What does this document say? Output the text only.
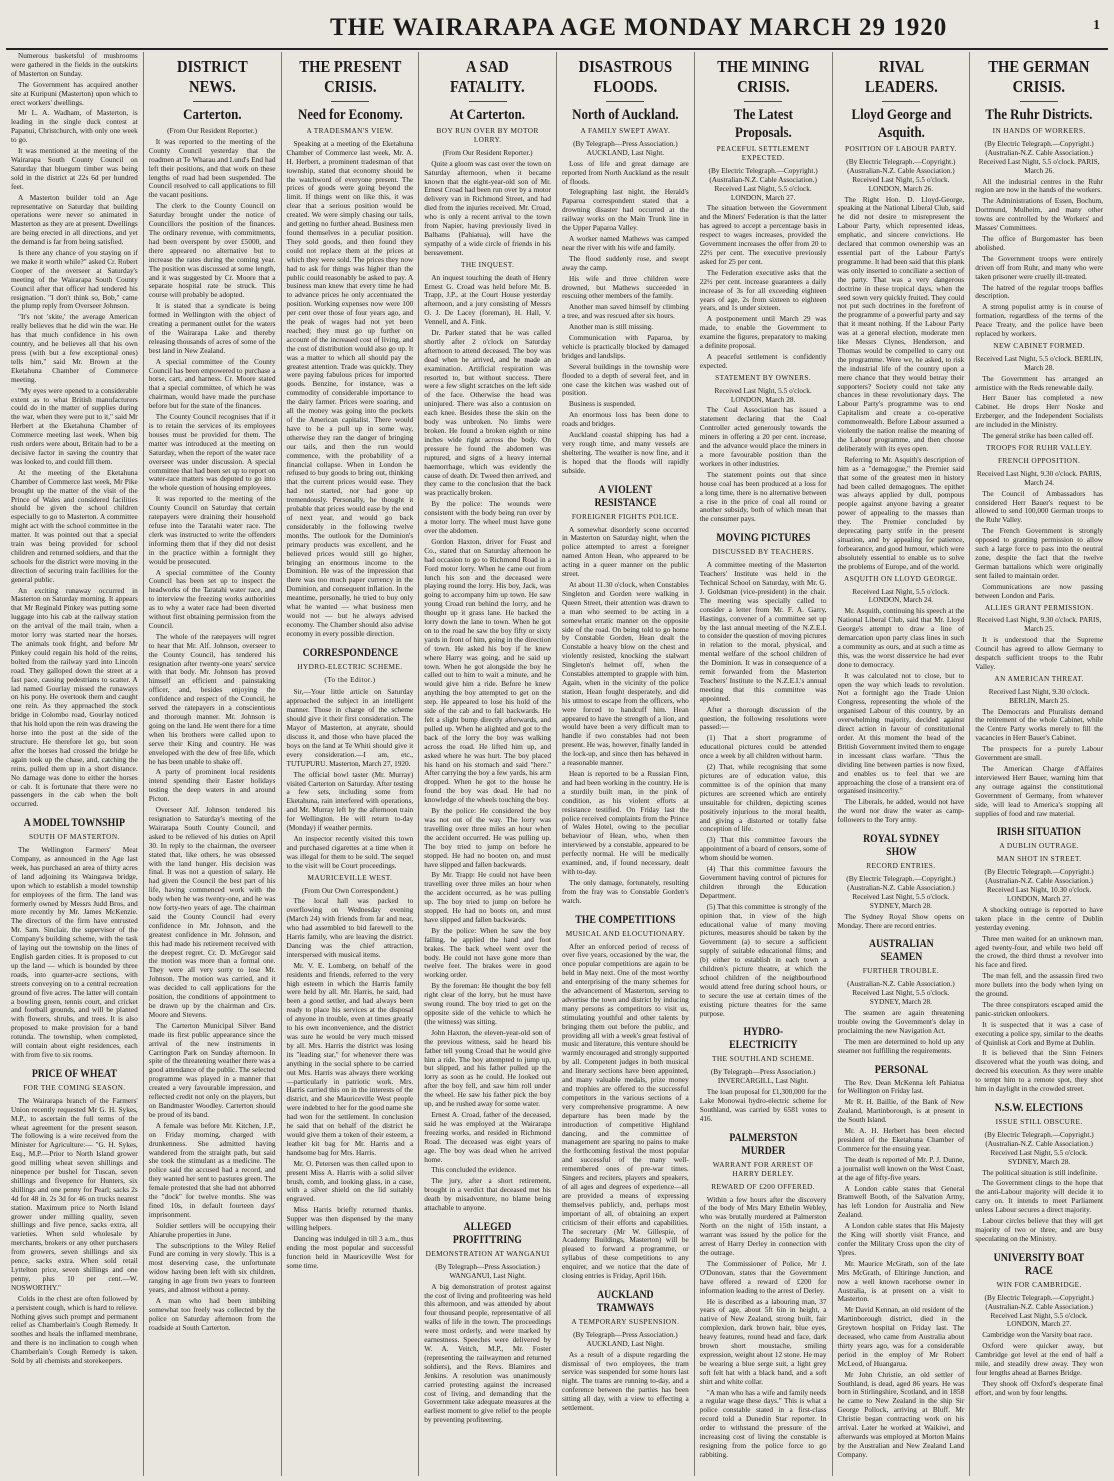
THE WAIRARAPA AGE MONDAY MARCH 29 1920	1

Numerous basketsful of mushrooms were gathered in the fields in the outskirts of Masterton on Sunday.

The Government has acquired another site at Kuripuni (Masterton) upon which to erect workers' dwellings.

Mr L. A. Wadham, of Masterton, is leading in the single duck contest at Papanui, Christchurch, with only one week to go.

It was mentioned at the meeting of the Wairarapa South County Council on Saturday that bluegum timber was being sold in the district at 22s 6d per hundred feet.

A Masterton builder told an Age representative on Saturday that building operations were never so animated in Masterton as they are at present. Dwellings are being erected in all directions, and yet the demand is far from being satisfied.

Is there any chance of you staying on if we make it worth while?" asked Cr. Robert Cooper of the overseer at Saturday's meeting of the Wairarapa South County Council after that officer had tendered his resignation. "I don't think so, Bob," came the plump reply from Overseer Johnson.

"It's not 'skite,' the average American really believes that he did win the war. He has that much confidence in his own country, and he believes all that his own press (with but a few exceptional ones) tells him," said Mr. Brown at the Eketahuna Chamber of Commerce meeting.

"My eyes were opened to a considerable extent as to what British manufacturers could do in the matter of supplies during the war, when they were put to it," said Mr Herbert at the Eketahuna Chamber of Commerce meeting last week. When big rush orders were about, Britain had to be a decisive factor in saving the country that was looked to, and could fill them.

At the meeting of the Eketahuna Chamber of Commerce last week, Mr Pike brought up the matter of the visit of the Prince of Wales and considered facilities should be given the school children especially to go to Masterton. A committee might act with the school committee in the matter. It was pointed out that a special train was being provided for school children and returned soldiers, and that the schools for the district were moving in the direction of securing train facilities for the general public.

An exciting runaway occurred in Masterton on Saturday morning. It appears that Mr Reginald Pinkey was putting some luggage into his cab at the railway station on the arrival of the mail train, when a motor lorry was started near the horses. The animals took fright, and before Mr Pinkey could regain his hold of the reins, bolted from the railway yard into Lincoln road. They galloped down the street at a fast pace, causing pedestrians to scatter. A lad named Gourlay missed the runaways on his pony. He overtook them and caught one rein. As they approached the stock bridge in Colombo road, Gourlay noticed that his hold upon the rein was drawing the horse into the post at the side of the structure. He therefore let go, but soon after the horses had crossed the bridge he again took up the chase, and, catching the reins, pulled them up in a short distance. No damage was done to either the horses or cab. It is fortunate that there were no passengers in the cab when the bolt occurred.

A MODEL TOWNSHIP
SOUTH OF MASTERTON.

The Wellington Farmers' Meat Company, as announced in the Age last week, has purchased an area of thirty acres of land adjoining its Waingawa bridge, upon which to establish a model township for employees of the firm. The land was formerly owned by Messrs Judd Bros, and more recently by Mr. James McKenzie. The directors of the firm have entrusted Mr. Sam. Sinclair, the supervisor of the Company's building scheme, with the task of laying out the township on the lines of English garden cities. It is proposed to cut up the land — which is bounded by three roads, into quarter-acre sections, with streets conveying on to a central recreation ground of five acres. The latter will contain a bowling green, tennis court, and cricket and football grounds, and will be planted with flowers, shrubs, and trees. It is also proposed to make provision for a band rotunda. The township, when completed, will contain about eight residences, each with from five to six rooms.

PRICE OF WHEAT
FOR THE COMING SEASON.

The Wairarapa branch of the Farmers' Union recently requested Mr G. H. Sykes, M.P., to ascertain the full terms of the wheat agreement for the present season. The following is a wire received from the Minister for Agriculture:— "G. H. Sykes, Esq., M.P.—Prior to North Island grower good milling wheat seven shillings and ninepence per bushel for Tuscan, seven shillings and fivepence for Hunters, six shillings and one penny for Pearl; sacks 2s 4d for 48 in. 2s 3d for 46 on trucks nearest station. Maximum price to North Island grower under milling quality, seven shillings and five pence, sacks extra, all varieties. When sold wholesale by merchants, brokers or any other purchasers from growers, seven shillings and six pence, sacks extra. When sold retail Lyttelton price, seven shillings and one penny, plus 10 per cent.—W. NOSWORTHY."

Colds in the chest are often followed by a persistent cough, which is hard to relieve. Nothing gives such prompt and permanent relief as Chamberlain's Cough Remedy. It soothes and heals the inflamed membrane, and there is no inclination to cough when Chamberlain's Cough Remedy is taken. Sold by all chemists and storekeepers.

DISTRICT NEWS.
Carterton.
(From Our Resident Reporter.)

It was reported to the meeting of the County Council yesterday that the roadmen at Te Wharau and Lund's End had left their positions, and that work on these lengths of road had been suspended. The Council resolved to call applications to fill the vacant positions.

The clerk to the County Council on Saturday brought under the notice of Councillors the position of the finances. The ordinary revenue, with commitments, had been overspent by over £5000, and there appeared no alternative but to increase the rates during the coming year. The position was discussed at some length, and it was suggested by Cr. Moore that a separate hospital rate be struck. This course will probably be adopted.

It is stated that a syndicate is being formed in Wellington with the object of creating a permanent outlet for the waters of the Wairarapa Lake and thereby releasing thousands of acres of some of the best land in New Zealand.

A special committee of the County Council has been empowered to purchase a horse, cart, and harness. Cr. Moore stated that a special committee, of which he was chairman, would have made the purchase before but for the state of the finances.

The County Council recognises that if it is to retain the services of its employees houses must be provided for them. The matter was introduced at the meeting on Saturday, when the report of the water race overseer was under discussion. A special committee that had been set up to report on water-race matters was deputed to go into the whole question of housing employees.

It was reported to the meeting of the County Council on Saturday that certain ratepayers were draining their household refuse into the Taratahi water race. The clerk was instructed to write the offenders informing them that if they did not desist in the practice within a fortnight they would be prosecuted.

A special committee of the County Council has been set up to inspect the headworks of the Taratahi water race, and to interview the freezing works authorities as to why a water race had been diverted without first obtaining permission from the Council.

The whole of the ratepayers will regret to hear that Mr. Alf. Johnson, overseer to the County Council, has tendered his resignation after twenty-one years' service with that body. Mr. Johnson has proved himself an efficient and painstaking officer, and, besides enjoying the confidence and respect of the Council, he served the ratepayers in a conscientious and thorough manner. Mr. Johnson is going on the land. He went there for a time when his brothers were called upon to serve their King and country. He was enveloped with the dew of free life, which he has been unable to shake off.

A party of prominent local residents intend spending their Easter holidays testing the deep waters in and around Picton.

Overseer Alf. Johnson tendered his resignation to Saturday's meeting of the Wairarapa South County Council, and asked to be relieved of his duties on April 30. In reply to the chairman, the overseer stated that, like others, he was obsessed with the land hunger. His decision was final. It was not a question of salary. He had given the Council the best part of his life, having commenced work with the body when he was twenty-one, and he was now forty-two years of age. The chairman said the County Council had every confidence in Mr. Johnson, and the greatest confidence in Mr. Johnson, and this had made his retirement received with the deepest regret. Cr. D. McGregor said the motion was more than a formal one. They were all very sorry to lose Mr. Johnson. The motion was carried, and it was decided to call applications for the position, the conditions of appointment to be drawn up by the chairman and Crs. Moore and Stevens.

The Carterton Municipal Silver Band made its first public appearance since the arrival of the new instruments in Carrington Park on Sunday afternoon. In spite of the threatening weather there was a good attendance of the public. The selected programme was played in a manner that created a very favourable impression, and reflected credit not only on the players, but on Bandmaster Woodley. Carterton should be proud of its band.

A female was before Mr. Kitchen, J.P., on Friday morning, charged with drunkenness. She admitted having wandered from the straight path, but said she took the stimulant as a medicine. The police said the accused had a record, and they wanted her sent to pastures green. The female protested that she had not abhorred the "dock" for twelve months. She was fined 10s, in default fourteen days' imprisonment.

Soldier settlers will be occupying their Ahiaruhe properties in June.

The subscriptions to the Wiley Relief Fund are coming in very slowly. This is a most deserving case, the unfortunate widow having been left with six children, ranging in age from two years to fourteen years, and almost without a penny.

A man who had been imbibing somewhat too freely was collected by the police on Saturday afternoon from the roadside at South Carterton.

THE PRESENT CRISIS.
Need for Economy.
A TRADESMAN'S VIEW.

Speaking at a meeting of the Eketahuna Chamber of Commerce last week, Mr. A. H. Herbert, a prominent tradesman of that township, stated that economy should be the watchword of everyone present. The prices of goods were going beyond the limit. If things went on like this, it was clear that a serious position would be created. We were simply chasing our tails, and getting no further ahead. Business men found themselves in a peculiar position. They sold goods, and then found they could not replace them at the prices at which they were sold. The prices they now had to ask for things was higher than the public could reasonably be asked to pay. A business man knew that every time he had to advance prices he only accentuated the position. Working expenses now were 100 per cent over those of four years ago, and the peak of wages had not yet been reached; they must go up further on account of the increased cost of living, and the cost of distribution would also go up. It was a matter to which all should pay the greatest attention. Trade was quickly. They were paying fabulous prices for imported goods. Benzine, for instance, was a commodity of considerable importance to the dairy farmer. Prices were soaring, and all the money was going into the pockets of the American capitalist. There would have to be a pull up in some way, otherwise they ran the danger of bringing our tails, and then the run would commence, with the probability of a financial collapse. When in London he refused to buy goods to bring out, thinking that the current prices would ease. They had not started, nor had gone up tremendously. Personally, he thought it probable that prices would ease by the end of next year, and would go back considerably in the following twelve months. The outlook for the Dominion's primary products was excellent, and he believed prices would still go higher, bringing an enormous income to the Dominion. He was of the impression that there was too much paper currency in the Dominion, and consequent inflation. In the meantime, personally, he tried to buy only what he wanted — what business men would not — but he always advised economy. The Chamber should also advise economy in every possible direction.

CORRESPONDENCE
HYDRO-ELECTRIC SCHEME.
(To the Editor.)

Sir,—Your little article on Saturday approached the subject in an intelligent manner. Those in charge of the scheme should give it their first consideration. The Mayor of Masterton, at anyrate, should discuss it, and those who have placed the boys on the land at Te Whiti should give it every consideration.—I am, etc., TUTUPURU. Masterton, March 27, 1920.

The official bowl taster (Mr. Murray) visited Carterton on Saturday. After testing a few sets, including some from Eketahuna, rain interfered with operations, and Mr. Murray left by the afternoon train for Wellington. He will return to-day (Monday) if weather permits.

An inspector recently visited this town and purchased cigarettes at a time when it was illegal for them to be sold. The sequel to the visit will be Court proceedings.

MAURICEVILLE WEST.
(From Our Own Correspondent.)

The local hall was packed to overflowing on Wednesday evening (March 24) with friends from far and near, who had assembled to bid farewell to the Harris family, who are leaving the district. Dancing was the chief attraction, interspersed with musical items.

Mr. V. E. Lomberg, on behalf of the residents and friends, referred to the very high esteem in which the Harris family were held by all. Mr. Harris, he said, had been a good settler, and had always been ready to place his services at the disposal of anyone in trouble, even at times greatly to his own inconvenience, and the district was sure he would be very much missed by all. Mrs. Harris the district was losing its "leading star," for whenever there was anything in the social sphere to be carried out Mrs. Harris was always there working—particularly in patriotic work. Mrs. Harris carried this on in the interests of the district, and she Mauriceville West people were indebted to her for the good name she had won for the settlement. In conclusion he said that on behalf of the district he would give them a token of their esteem, a leather kit bag for Mr. Harris and a handsome bag for Mrs. Harris.

Mr. O. Petersen was then called upon to present Miss A. Harris with a solid silver brush, comb, and looking glass, in a case, with a silver shield on the lid suitably engraved.

Miss Harris briefly returned thanks. Supper was then dispensed by the many willing helpers.

Dancing was indulged in till 3 a.m., thus ending the most popular and successful function held in Mauriceville West for some time.

A SAD FATALITY.
At Carterton.
BOY RUN OVER BY MOTOR LORRY.
(From Our Resident Reporter.)

Quite a gloom was cast over the town on Saturday afternoon, when it became known that the eight-year-old son of Mr. Ernest Croad had been run over by a motor delivery van in Richmond Street, and had died from the injuries received. Mr. Croad, who is only a recent arrival to the town from Napier, having previously lived in Balhams (Pahiatua), will have the sympathy of a wide circle of friends in his bereavement.

THE INQUEST.

An inquest touching the death of Henry Ernest G. Croad was held before Mr. B. Trapp, J.P., at the Court House yesterday afternoon, and a jury consisting of Messrs O. J. De Lacey (foreman), H. Hall, V. Vennell, and A. Fink.

Dr. Parker stated that he was called shortly after 2 o'clock on Saturday afternoon to attend deceased. The boy was dead when he arrived, and he made an examination. Artificial respiration was resorted to, but without success. There were a few slight scratches on the left side of the face. Otherwise the head was uninjured. There was also a contusion on each knee. Besides these the skin on the body was unbroken. No limbs were broken. He found a broken eighth or nine inches wide right across the body. On pressure he found the abdomen was ruptured, and signs of a heavy internal haemorrhage, which was evidently the cause of death. Dr. Tweed then arrived, and they came to the conclusion that the back was practically broken.

By the police: The wounds were consistent with the body being run over by a motor lorry. The wheel must have gone over the abdomen.

Gordon Haxton, driver for Feast and Co., stated that on Saturday afternoon he had occasion to go to Richmond Road in a Ford motor lorry. When he came out from lunch his son and the deceased were playing round the lorry. His boy, Jack, was going to accompany him up town. He saw young Croad run behind the lorry, and he thought up it grass lane. He backed the lorry down the lane to town. When he got on to the road he saw the boy fifty or sixty yards in front of him, going in the direction of town. He asked his boy if he knew where Harry was going, and he said up town. When he got alongside the boy he called out to him to wait a minute, and he would give him a ride. Before he knew anything the boy attempted to get on the step. He appeared to lose his hold of the side of the cab and to fall backwards. He felt a slight bump directly afterwards, and pulled up. When he alighted and got to the back of the lorry the boy was walking across the road. He lifted him up, and asked where he was hurt. The boy placed his hand on his stomach and said "here." After carrying the boy a few yards, his arm dropped. When he got to the house he found the boy was dead. He had no knowledge of the wheels touching the boy.

By the police: He considered the boy was not out of the way. The lorry was travelling over three miles an hour when the accident occurred. He was pulling up. The boy tried to jump on before he stopped. He had no booten on, and must have slipped and fallen backwards.

By Mr. Trapp: He could not have been travelling over three miles an hour when the accident occurred, as he was pulling up. The boy tried to jump on before he stopped. He had no boots on, and must have slipped and fallen backwards.

By the police: When he saw the boy falling, he applied the hand and foot brakes. The back wheel went over the body. He could not have gone more than twelve feet. The brakes were in good working order.

By the foreman: He thought the boy fell right clear of the lorry, but he must have swung round. The boy tried to get on the opposite side of the vehicle to which he (the witness) was sitting.

John Haxton, the eleven-year-old son of the previous witness, said he heard his father tell young Croad that he would give him a ride. The boy attempted to jump up, but slipped, and his father pulled up the lorry as soon as he could. He looked out after the boy fell, and saw him roll under the wheel. He saw his father pick the boy up, and he rushed away for some water.

Ernest A. Croad, father of the deceased, said he was employed at the Wairarapa freezing works, and resided in Richmond Road. The deceased was eight years of age. The boy was dead when he arrived home.

This concluded the evidence.

The jury, after a short retirement, brought in a verdict that deceased met his death by misadventure, no blame being attachable to anyone.

ALLEGED PROFITTRING
DEMONSTRATION AT WANGANUI
(By Telegraph—Press Association.) WANGANUI, Last Night.

A big demonstration of protest against the cost of living and profiteering was held this afternoon, and was attended by about four thousand people, representative of all walks of life in the town. The proceedings were most orderly, and were marked by earnestness. Speeches were delivered by W. A. Veitch, M.P., Mr. Foster (representing the railwaymen and returned soldiers), and the Revs. Blamires and Jenkins. A resolution was unanimously carried protesting against the increased cost of living, and demanding that the Government take adequate measures at the earliest moment to give relief to the people by preventing profiteering.

DISASTROUS FLOODS.
North of Auckland.
A FAMILY SWEPT AWAY.
(By Telegraph—Press Association.) AUCKLAND, Last Night.

Loss of life and great damage are reported from North Auckland as the result of floods.

Telegraphing last night, the Herald's Paparoa correspondent stated that a drowning disaster had occurred at the railway works on the Main Trunk line in the Upper Paparoa Valley.

A worker named Mathews was camped near the river with his wife and family.

The flood suddenly rose, and swept away the camp.

His wife and three children were drowned, but Mathews succeeded in rescuing other members of the family.

Another man saved himself by climbing a tree, and was rescued after six hours.

Another man is still missing.

Communication with Paparoa, by vehicle is practically blocked by damaged bridges and landslips.

Several buildings in the township were flooded to a depth of several feet, and in one case the kitchen was washed out of position.

Business is suspended.

An enormous loss has been done to roads and bridges.

Auckland coastal shipping has had a very rough time, and many vessels are sheltering. The weather is now fine, and it is hoped that the floods will rapidly subside.

A VIOLENT RESISTANCE
FOREIGNER FIGHTS POLICE.

A somewhat disorderly scene occurred in Masterton on Saturday night, when the police attempted to arrest a foreigner named Anton Hean, who appeared to be acting in a queer manner on the public street.

At about 11.30 o'clock, when Constables Singleton and Gorden were walking in Queen Street, their attention was drawn to a man who seemed to be acting in a somewhat erratic manner on the opposite side of the road. On being told to go home by Constable Gorden, Hean dealt the Constable a heavy blow on the chest and violently resisted, knocking the stalwart Singleton's helmet off, when the Constables attempted to grapple with him. Again, when in the vicinity of the police station, Hean fought desperately, and did his utmost to escape from the officers, who were forced to handcuff him. Hean appeared to have the strength of a lion, and would have been a very difficult man to handle if two constables had not been present. He was, however, finally landed in the lock-up, and since then has behaved in a reasonable manner.

Hean is reported to be a Russian Finn, and had been working in the country. He is a sturdily built man, in the pink of condition, as his violent efforts at resistance testified. On Friday last the police received complaints from the Prince of Wales Hotel, owing to the peculiar behaviour of Hean, who, when then interviewed by a constable, appeared to be perfectly normal. He will be medically examined, and, if found necessary, dealt with to-day.

The only damage, fortunately, resulting from the fray was to Constable Gorden's watch.

THE COMPETITIONS
MUSICAL AND ELOCUTIONARY.

After an enforced period of recess of over five years, occasioned by the war, the once popular competitions are again to be held in May next. One of the most worthy and enterprising of the many schemes for the advancement of Masterton, serving to advertise the town and district by inducing many persons as competitors to visit us, stimulating youthful and other talents by bringing them out before the public, and providing all with a week's great festival of music and literature, this venture should be warmly encouraged and strongly supported by all. Competent judges in both musical and literary sections have been appointed, and many valuable medals, prize money and trophies are offered to the successful competitors in the various sections of a very comprehensive programme. A new departure has been made by the introduction of competitive Highland dancing, and the committee of management are sparing no pains to make the forthcoming festival the most popular and successful of the many well-remembered ones of pre-war times. Singers and reciters, players and speakers, of all ages and degrees of experience—all are provided a means of expressing themselves publicly, and, perhaps most important of all, of obtaining an expert criticism of their efforts and capabilities. The secretary (Mr W. Gillespie, of Academy Buildings, Masterton) will be pleased to forward a programme, or syllabus of these competitions to any enquirer, and we notice that the date of closing entries is Friday, April 16th.

AUCKLAND TRAMWAYS
A TEMPORARY SUSPENSION.
(By Telegraph—Press Association.) AUCKLAND, Last Night.

As a result of a dispute regarding the dismissal of two employees, the tram service was suspended for some hours last night. The trams are running to-day, and a conference between the parties has been sitting all day, with a view to effecting a settlement.

THE MINING CRISIS.
The Latest Proposals.
PEACEFUL SETTLEMENT EXPECTED.
(By Electric Telegraph.—Copyright.) (Australian-N.Z. Cable Association.) Received Last Night, 5.5 o'clock. LONDON, March 27.

The situation between the Government and the Miners' Federation is that the latter has agreed to accept a percentage basis in respect to wages increases, provided the Government increases the offer from 20 to 22½ per cent. The executive previously asked for 25 per cent.

The Federation executive asks that the 22½ per cent. increase guarantees a daily increase of 3s for all exceeding eighteen years of age, 2s from sixteen to eighteen years, and 1s under sixteen.

A postponement until March 29 was made, to enable the Government to examine the figures, preparatory to making a definite proposal.

A peaceful settlement is confidently expected.

STATEMENT BY OWNERS.
Received Last Night, 5.5 o'clock. LONDON, March 28.

The Coal Association has issued a statement declaring that the Coal Controller acted generously towards the miners in offering a 20 per cent. increase, and the advance would place the miners in a more favourable position than the workers in other industries.

The statement points out that since house coal has been produced at a loss for a long time, there is no alternative between a rise in the price of coal all round or another subsidy, both of which mean that the consumer pays.

MOVING PICTURES
DISCUSSED BY TEACHERS.

A committee meeting of the Masterton Teachers' Institute was held in the Technical School on Saturday, with Mr. G. J. Goldsman (vice-president) in the chair. The meeting was specially called to consider a letter from Mr. F. A. Garry, Hastings, convener of a committee set up by the last annual meeting of the N.Z.E.I. to consider the question of moving pictures in relation to the moral, physical, and mental welfare of the school children of the Dominion. It was in consequence of a remit forwarded from the Masterton Teachers' Institute to the N.Z.E.I.'s annual meeting that this committee was appointed.

After a thorough discussion of the question, the following resolutions were passed:—

(1) That a short programme of educational pictures could be attended once a week by all children without harm.

(2) That, while recognising that some pictures are of education value, this committee is of the opinion that many pictures are screened which are entirely unsuitable for children, depicting scenes positively injurious to the moral health, and giving a distorted or totally false conception of life.

(3) That this committee favours the appointment of a board of censors, some of whom should be women.

(4) That this committee favours the Government having control of pictures for children through the Education Department.

(5) That this committee is strongly of the opinion that, in view of the high educational value of many moving pictures, measures should be taken by the Government (a) to secure a sufficient supply of suitable educational films; and (b) either to establish in each town a children's picture theatre, at which the school children of the neighbourhood would attend free during school hours, or to secure the use at certain times of the existing picture theatres for the same purpose.

HYDRO-ELECTRICITY
THE SOUTHLAND SCHEME.
(By Telegraph—Press Association.) INVERCARGILL, Last Night.

The loan proposal for £1,300,000 for the Lake Monowai hydro-electric scheme for Southland, was carried by 6581 votes to 416.

PALMERSTON MURDER
WARRANT FOR ARREST OF HARRY DERLEY.
REWARD OF £200 OFFERED.

Within a few hours after the discovery of the body of Mrs Mary Ethelin Webley, who was brutally murdered at Palmerston North on the night of 15th instant, a warrant was issued by the police for the arrest of Harry Derley in connection with the outrage.

The Commissioner of Police, Mr J. O'Donovan, states that the Government have offered a reward of £200 for information leading to the arrest of Derley.

He is described as a labouring man, 37 years of age, about 5ft 6in in height, a native of New Zealand, strong built, fair complexion, dark brown hair, blue eyes, heavy features, round head and face, dark brown short moustache, smiling expression, weight about 12 stone. He may be wearing a blue serge suit, a light grey soft felt hat with a black band, and a soft shirt and white collar.

"A man who has a wife and family needs a regular wage these days." This is what a police constable stated in a first-class record told a Dunedin Star reporter. In order to withstand the pressure of the increasing cost of living the constable is resigning from the police force to go rabbiting.

RIVAL LEADERS.
Lloyd George and Asquith.
POSITION OF LABOUR PARTY.
(By Electric Telegraph.—Copyright.) (Australian-N.Z. Cable Association.) Received Last Night, 5.5 o'clock. LONDON, March 26.

The Right Hon. D. Lloyd-George, speaking at the National Liberal Club, said he did not desire to misrepresent the Labour Party, which represented ideas, emphatic, and sincere convictions. He declared that common ownership was an essential part of the Labour Party's programme. It had been said that this plank was only inserted to conciliate a section of the party. That was a very dangerous doctrine in these tropical days, when the seed sown very quickly fruited. They could not put such doctrines in the forefront of the programme of a powerful party and say that it meant nothing. If the Labour Party was at a general election, moderate men like Messrs Clynes, Henderson, and Thomas would be compelled to carry out the programme. Were we, he asked, to risk the industrial life of the country upon a mere chance that they would betray their supporters? Society could not take any chances in these revolutionary days. The Labour Party's programme was to end Capitalism and create a co-operative commonwealth. Before Labour assumed a violently the nation realise the meaning of the Labour programme, and then choose deliberately with its eyes open.

Referring to Mr. Asquith's description of him as a "demagogue," the Premier said that some of the greatest men in history had been called demagogues. The epithet was always applied by dull, pompous people against anyone having a greater power of appealing to the masses than they. The Premier concluded by deprecating party strife in the present situation, and by appealing for patience, forbearance, and good humour, which were absolutely essential to enable us to solve the problems of Europe, and of the world.

ASQUITH ON LLOYD GEORGE.
Received Last Night, 5.5 o'clock. LONDON, March 24.

Mr. Asquith, continuing his speech at the National Liberal Club, said that Mr. Lloyd George's attempt to draw a line of demarcation upon party class lines in such a community as ours, and at such a time as this, was the worst disservice he had ever done to democracy.

It was calculated not to close, but to open the way which leads to revolution. Not a fortnight ago the Trade Union Congress, representing the whole of the organised Labour of this country, by an overwhelming majority, decided against direct action in favour of constitutional order. At this moment the head of the British Government invited them to engage in incessant class warfare. "Thus the dividing line between parties is now fixed, and enables us to feel that we are approaching the close of a transient era of organised insincerity."

The Liberals, he added, would not have the word nor draw the water as camp-followers to the Tory army.

ROYAL SYDNEY SHOW
RECORD ENTRIES.
(By Electric Telegraph.—Copyright.) (Australian-N.Z. Cable Association.) Received Last Night, 5.5 o'clock. SYDNEY, March 28.

The Sydney Royal Show opens on Monday. There are record entries.

AUSTRALIAN SEAMEN
FURTHER TROUBLE.
(Australian-N.Z. Cable Association.) Received Last Night, 5.5 o'clock. SYDNEY, March 28.

The seamen are again threatening trouble owing the Government's delay in proclaiming the new Navigation Act.

The men are determined to hold up any steamer not fulfilling the requirements.

PERSONAL

The Rev. Dean McKenna left Pahiatua for Wellington on Friday last.

Mr R. H. Baillie, of the Bank of New Zealand, Martinborough, is at present in the South Island.

Mr. A. H. Herbert has been elected president of the Eketahuna Chamber of Commerce for the ensuing year.

The death is reported of Mr. P. J. Dunne, a journalist well known on the West Coast, at the age of fifty-five years.

A London cable states that General Bramwell Booth, of the Salvation Army, has left London for Australia and New Zealand.

A London cable states that His Majesty the King will shortly visit France, and confer the Military Cross upon the city of Ypres.

Mr. Maurice McGrath, son of the late Mrs McGrath, of Eltiringe Junction, and now a well known racehorse owner in Australia, is at present on a visit to Masterton.

Mr David Kennan, an old resident of the Martinborough district, died in the Greytown hospital on Friday last. The deceased, who came from Australia about thirty years ago, was for a considerable period in the employ of Mr Robert McLeod, of Huangarua.

Mr John Christie, an old settler of Southland, is dead, aged 86 years. He was born in Stirlingshire, Scotland, and in 1858 he came to New Zealand in the ship Sir George Pollock, arriving at Bluff. Mr Christie began contracting work on his arrival. Later he worked at Waikiwi, and afterwards was employed at Morton Mains by the Australian and New Zealand Land Company.

THE GERMAN CRISIS.
The Ruhr Districts.
IN HANDS OF WORKERS.
(By Electric Telegraph.—Copyright.) (Australian-N.Z. Cable Association.) Received Last Night, 5.5 o'clock. PARIS, March 26.

All the industrial centres in the Ruhr region are now in the hands of the workers.

The Administrations of Essen, Bochum, Dortmund, Mulheim, and many other towns are controlled by the Workers' and Masses' Committees.

The office of Burgomaster has been abolished.

The Government troops were entirely driven off from Ruhr, and many who were taken prisoner were cruelly ill-treated.

The hatred of the regular troops baffles description.

A strong populist army is in course of formation, regardless of the terms of the Peace Treaty, and the police have been replaced by workers.

NEW CABINET FORMED.
Received Last Night, 5.5 o'clock. BERLIN, March 28.

The Government has arranged an armistice with the Reds renewable daily.

Herr Bauer has completed a new Cabinet. He drops Herr Noske and Erzberger, and the Independent Socialists are included in the Ministry.

The general strike has been called off.

TROOPS FOR RUHR VALLEY.
FRENCH OPPOSITION.
Received Last Night, 9.30 o'clock. PARIS, March 24.

The Council of Ambassadors has considered Herr Bauer's request to be allowed to send 100,000 German troops to the Ruhr Valley.

The French Government is strongly opposed to granting permission to allow such a large force to pass into the neutral zone, despite the fact that the twelve German battalions which were originally sent failed to maintain order.

Communications are now passing between London and Paris.

ALLIES GRANT PERMISSION.
Received Last Night, 9.30 o'clock. PARIS, March 25.

It is understood that the Supreme Council has agreed to allow Germany to despatch sufficient troops to the Ruhr Valley.

AN AMERICAN THREAT.
Received Last Night, 9.30 o'clock. BERLIN, March 25.

The Democrats and Pluralists demand the retirement of the whole Cabinet, while the Centre Party works merely to fill the vacancies in Herr Bauer's Cabinet.

The prospects for a purely Labour Government are small.

The American Charge d'Affaires interviewed Herr Bauer, warning him that any outrage against the constitutional Government of Germany, from whatever side, will lead to America's stopping all supplies of food and raw material.

IRISH SITUATION
A DUBLIN OUTRAGE.
MAN SHOT IN STREET.
(By Electric Telegraph.—Copyright.) (Australian-N.Z. Cable Association.) Received Last Night, 10.30 o'clock. LONDON, March 27.

A shocking outrage is reported to have taken place in the centre of Dublin yesterday evening.

Three men waited for an unknown man, aged twenty-four, and while two held off the crowd, the third thrust a revolver into his face and fired.

The man fell, and the assassin fired two more bullets into the body when lying on the ground.

The three conspirators escaped amid the panic-stricken onlookers.

It is suspected that it was a case of executing a police spy, similar to the deaths of Quinlisk at Cork and Byrne at Dublin.

It is believed that the Sinn Feiners discovered what the youth was doing, and decreed his execution. As they were unable to tempt him to a remote spot, they shot him in daylight in the crowded street.

N.S.W. ELECTIONS
ISSUE STILL OBSCURE.
(By Electric Telegraph.—Copyright.) (Australian-N.Z. Cable Association.) Received Last Night, 5.5 o'clock. SYDNEY, March 28.

The political situation is still indefinite.

The Government clings to the hope that the anti-Labour majority will decide it to carry on. It intends to meet Parliament unless Labour secures a direct majority.

Labour circles believe that they will get majority of two or three, and are busy speculating on the Ministry.

UNIVERSITY BOAT RACE
WIN FOR CAMBRIDGE.
(By Electric Telegraph.—Copyright.) (Australian-N.Z. Cable Association.) Received Last Night, 5.5 o'clock. LONDON, March 27.

Cambridge won the Varsity boat race.

Oxford were quicker away, but Cambridge got level at the end of half a mile, and steadily drew away. They won four lengths ahead at Barnes Bridge.

They shook off Oxford's desperate final effort, and won by four lengths.
